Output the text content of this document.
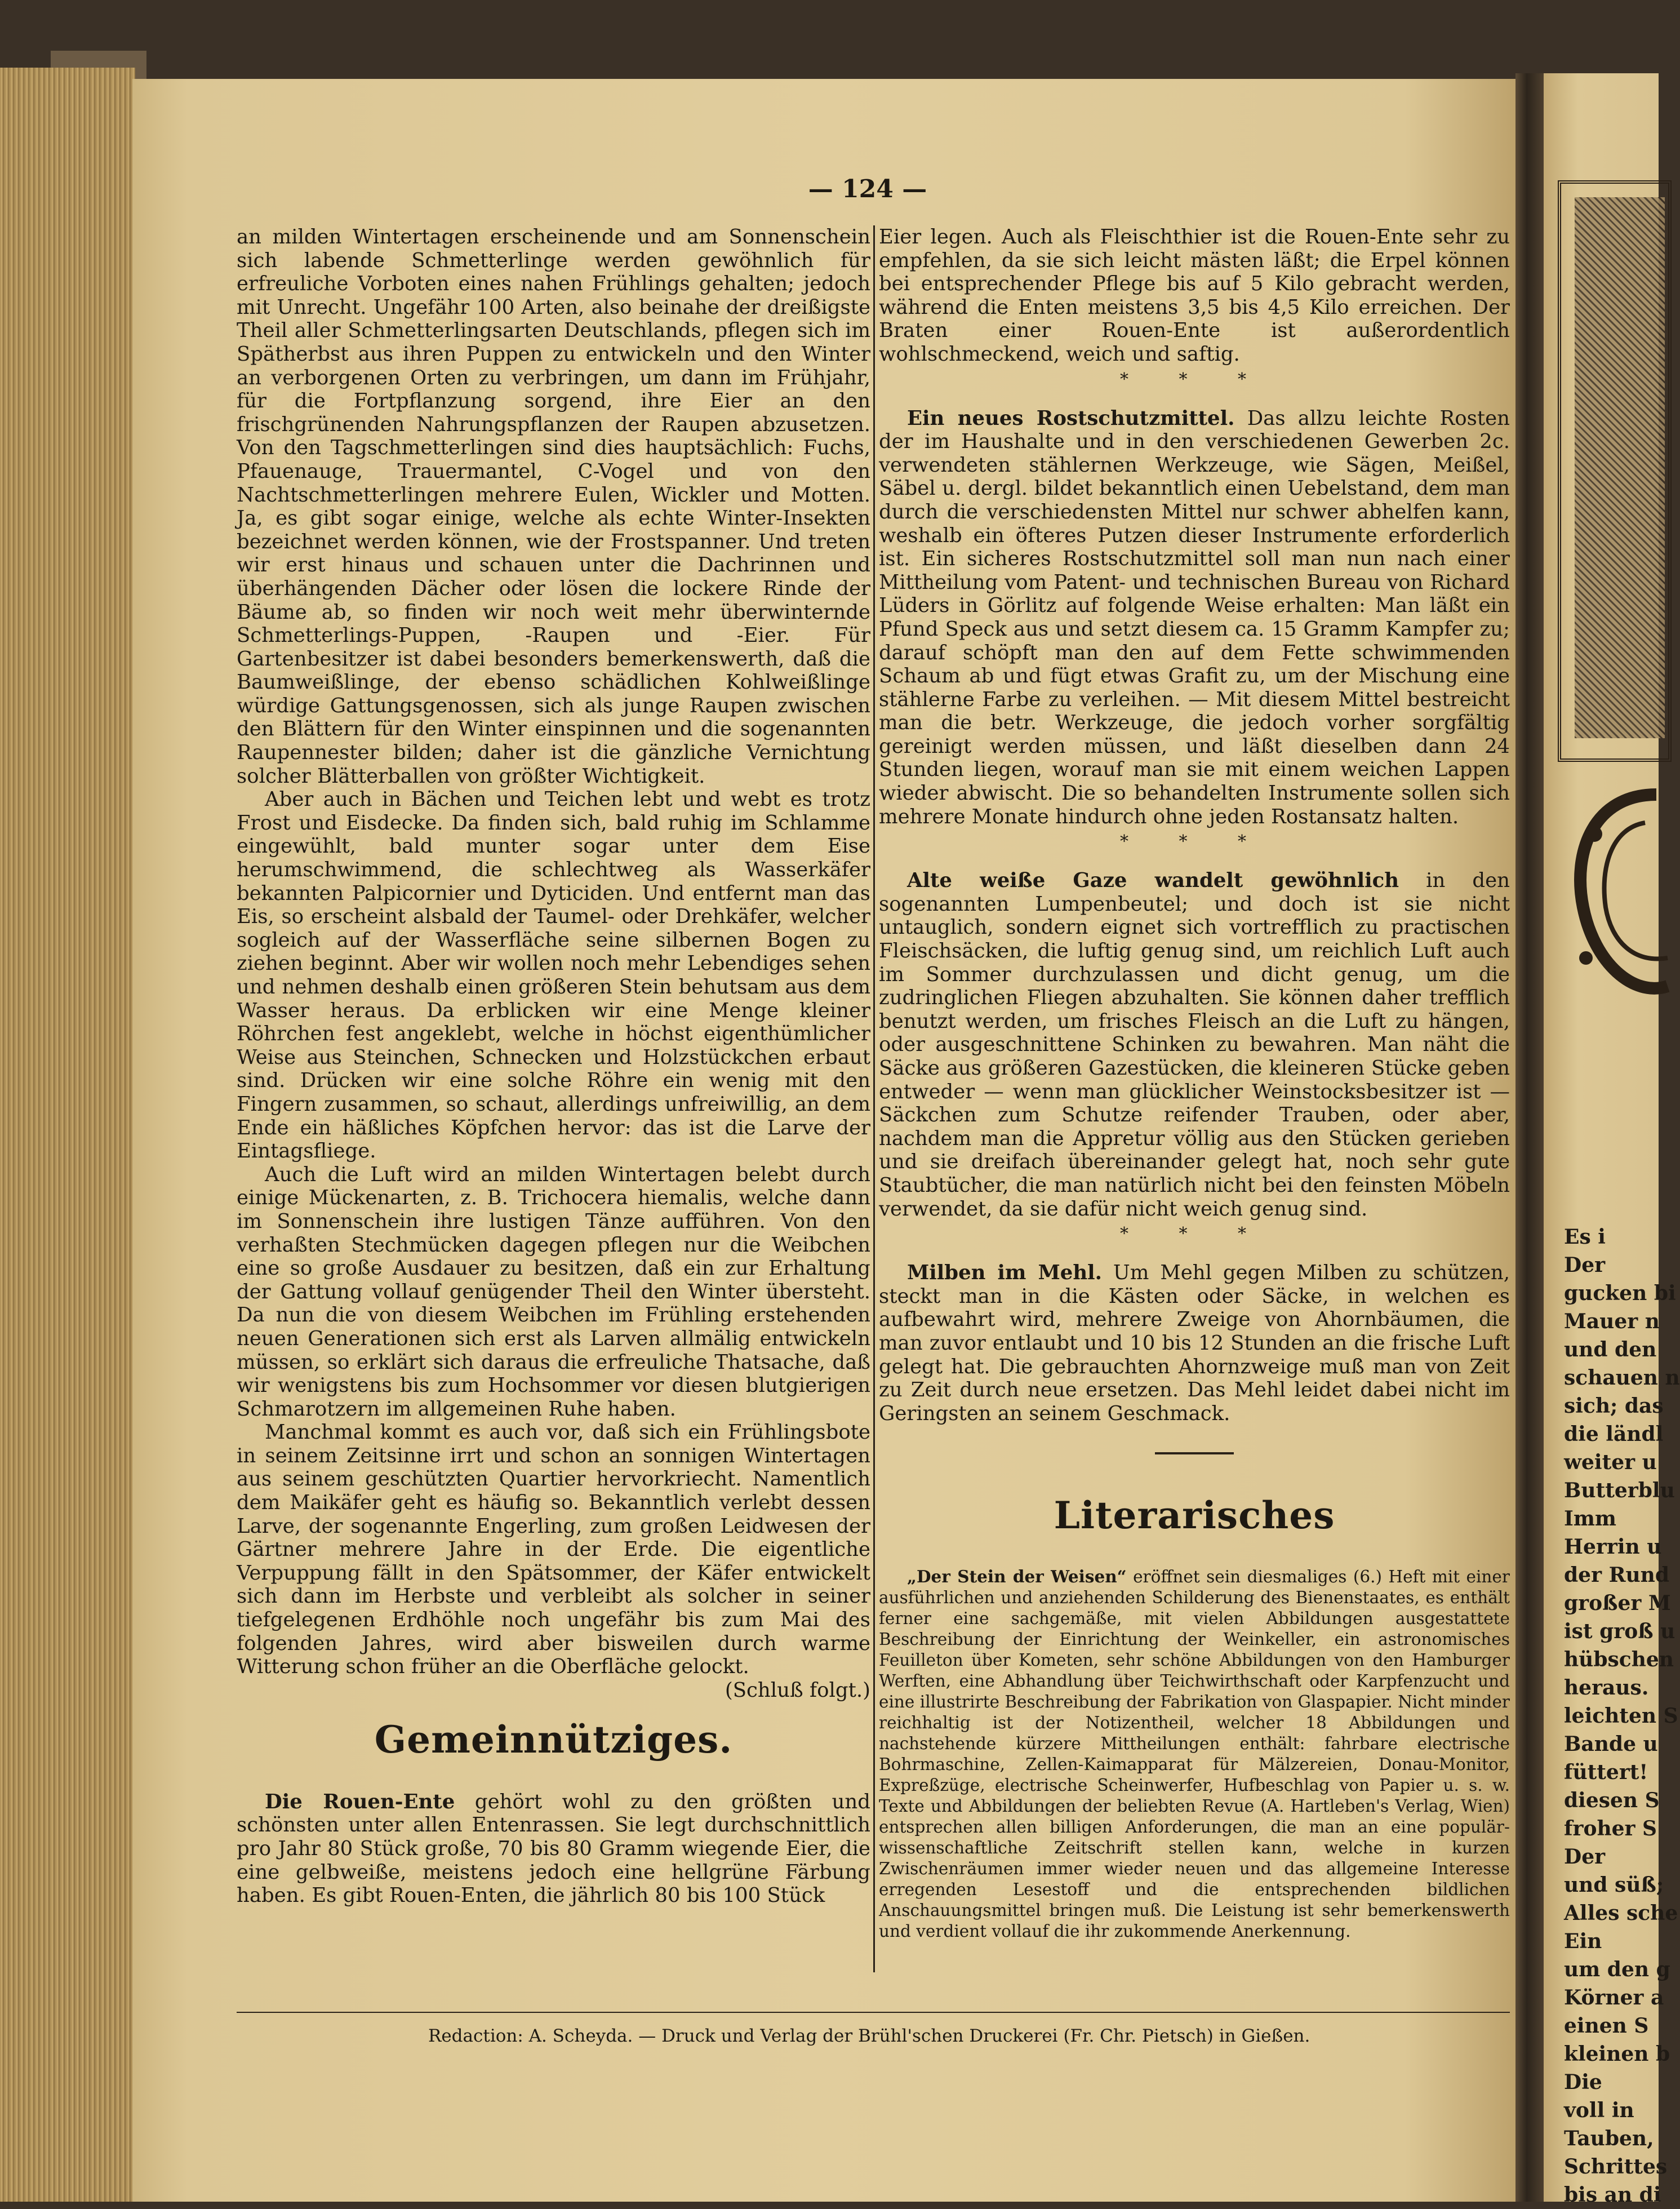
Es i
Der
gucken bi
Mauer n
und den
schauen n
sich; das
die ländl
weiter u
Butterblu
Imm
Herrin u
der Rund
großer M
ist groß u
hübschen
heraus.
leichten S
Bande u
füttert!
diesen S
froher S
Der
und süß;
Alles sche
Ein
um den g
Körner a
einen S
kleinen b
Die
voll in
Tauben,
Schrittes
bis an di
— 124 —

an milden Wintertagen erscheinende und am Sonnenschein sich labende Schmetterlinge werden gewöhnlich für erfreuliche Vorboten eines nahen Frühlings gehalten; jedoch mit Unrecht. Ungefähr 100 Arten, also beinahe der dreißigste Theil aller Schmetterlingsarten Deutschlands, pflegen sich im Spätherbst aus ihren Puppen zu entwickeln und den Winter an verborgenen Orten zu verbringen, um dann im Frühjahr, für die Fortpflanzung sorgend, ihre Eier an den frischgrünenden Nahrungspflanzen der Raupen abzusetzen. Von den Tagschmetterlingen sind dies hauptsächlich: Fuchs, Pfauenauge, Trauermantel, C-Vogel und von den Nachtschmetterlingen mehrere Eulen, Wickler und Motten. Ja, es gibt sogar einige, welche als echte Winter-Insekten bezeichnet werden können, wie der Frostspanner. Und treten wir erst hinaus und schauen unter die Dachrinnen und überhängenden Dächer oder lösen die lockere Rinde der Bäume ab, so finden wir noch weit mehr überwinternde Schmetterlings-Puppen, -Raupen und -Eier. Für Gartenbesitzer ist dabei besonders bemerkenswerth, daß die Baumweißlinge, der ebenso schädlichen Kohlweißlinge würdige Gattungsgenossen, sich als junge Raupen zwischen den Blättern für den Winter einspinnen und die sogenannten Raupennester bilden; daher ist die gänzliche Vernichtung solcher Blätterballen von größter Wichtigkeit.

Aber auch in Bächen und Teichen lebt und webt es trotz Frost und Eisdecke. Da finden sich, bald ruhig im Schlamme eingewühlt, bald munter sogar unter dem Eise herumschwimmend, die schlechtweg als Wasserkäfer bekannten Palpicornier und Dyticiden. Und entfernt man das Eis, so erscheint alsbald der Taumel- oder Drehkäfer, welcher sogleich auf der Wasserfläche seine silbernen Bogen zu ziehen beginnt. Aber wir wollen noch mehr Lebendiges sehen und nehmen deshalb einen größeren Stein behutsam aus dem Wasser heraus. Da erblicken wir eine Menge kleiner Röhrchen fest angeklebt, welche in höchst eigenthümlicher Weise aus Steinchen, Schnecken und Holzstückchen erbaut sind. Drücken wir eine solche Röhre ein wenig mit den Fingern zusammen, so schaut, allerdings unfreiwillig, an dem Ende ein häßliches Köpfchen hervor: das ist die Larve der Eintagsfliege.

Auch die Luft wird an milden Wintertagen belebt durch einige Mückenarten, z. B. Trichocera hiemalis, welche dann im Sonnenschein ihre lustigen Tänze aufführen. Von den verhaßten Stechmücken dagegen pflegen nur die Weibchen eine so große Ausdauer zu besitzen, daß ein zur Erhaltung der Gattung vollauf genügender Theil den Winter übersteht. Da nun die von diesem Weibchen im Frühling erstehenden neuen Generationen sich erst als Larven allmälig entwickeln müssen, so erklärt sich daraus die erfreuliche Thatsache, daß wir wenigstens bis zum Hochsommer vor diesen blutgierigen Schmarotzern im allgemeinen Ruhe haben.

Manchmal kommt es auch vor, daß sich ein Frühlingsbote in seinem Zeitsinne irrt und schon an sonnigen Wintertagen aus seinem geschützten Quartier hervorkriecht. Namentlich dem Maikäfer geht es häufig so. Bekanntlich verlebt dessen Larve, der sogenannte Engerling, zum großen Leidwesen der Gärtner mehrere Jahre in der Erde. Die eigentliche Verpuppung fällt in den Spätsommer, der Käfer entwickelt sich dann im Herbste und verbleibt als solcher in seiner tiefgelegenen Erdhöhle noch ungefähr bis zum Mai des folgenden Jahres, wird aber bisweilen durch warme Witterung schon früher an die Oberfläche gelockt.
(Schluß folgt.)

Gemeinnütziges.

Die Rouen-Ente gehört wohl zu den größten und schönsten unter allen Entenrassen. Sie legt durchschnittlich pro Jahr 80 Stück große, 70 bis 80 Gramm wiegende Eier, die eine gelbweiße, meistens jedoch eine hellgrüne Färbung haben. Es gibt Rouen-Enten, die jährlich 80 bis 100 Stück

Eier legen. Auch als Fleischthier ist die Rouen-Ente sehr zu empfehlen, da sie sich leicht mästen läßt; die Erpel können bei entsprechender Pflege bis auf 5 Kilo gebracht werden, während die Enten meistens 3,5 bis 4,5 Kilo erreichen. Der Braten einer Rouen-Ente ist außerordentlich wohlschmeckend, weich und saftig.

* * *

Ein neues Rostschutzmittel. Das allzu leichte Rosten der im Haushalte und in den verschiedenen Gewerben 2c. verwendeten stählernen Werkzeuge, wie Sägen, Meißel, Säbel u. dergl. bildet bekanntlich einen Uebelstand, dem man durch die verschiedensten Mittel nur schwer abhelfen kann, weshalb ein öfteres Putzen dieser Instrumente erforderlich ist. Ein sicheres Rostschutzmittel soll man nun nach einer Mittheilung vom Patent- und technischen Bureau von Richard Lüders in Görlitz auf folgende Weise erhalten: Man läßt ein Pfund Speck aus und setzt diesem ca. 15 Gramm Kampfer zu; darauf schöpft man den auf dem Fette schwimmenden Schaum ab und fügt etwas Grafit zu, um der Mischung eine stählerne Farbe zu verleihen. — Mit diesem Mittel bestreicht man die betr. Werkzeuge, die jedoch vorher sorgfältig gereinigt werden müssen, und läßt dieselben dann 24 Stunden liegen, worauf man sie mit einem weichen Lappen wieder abwischt. Die so behandelten Instrumente sollen sich mehrere Monate hindurch ohne jeden Rostansatz halten.

* * *

Alte weiße Gaze wandelt gewöhnlich in den sogenannten Lumpenbeutel; und doch ist sie nicht untauglich, sondern eignet sich vortrefflich zu practischen Fleischsäcken, die luftig genug sind, um reichlich Luft auch im Sommer durchzulassen und dicht genug, um die zudringlichen Fliegen abzuhalten. Sie können daher trefflich benutzt werden, um frisches Fleisch an die Luft zu hängen, oder ausgeschnittene Schinken zu bewahren. Man näht die Säcke aus größeren Gazestücken, die kleineren Stücke geben entweder — wenn man glücklicher Weinstocksbesitzer ist — Säckchen zum Schutze reifender Trauben, oder aber, nachdem man die Appretur völlig aus den Stücken gerieben und sie dreifach übereinander gelegt hat, noch sehr gute Staubtücher, die man natürlich nicht bei den feinsten Möbeln verwendet, da sie dafür nicht weich genug sind.

* * *

Milben im Mehl. Um Mehl gegen Milben zu schützen, steckt man in die Kästen oder Säcke, in welchen es aufbewahrt wird, mehrere Zweige von Ahornbäumen, die man zuvor entlaubt und 10 bis 12 Stunden an die frische Luft gelegt hat. Die gebrauchten Ahornzweige muß man von Zeit zu Zeit durch neue ersetzen. Das Mehl leidet dabei nicht im Geringsten an seinem Geschmack.

Literarisches

„Der Stein der Weisen“ eröffnet sein diesmaliges (6.) Heft mit einer ausführlichen und anziehenden Schilderung des Bienenstaates, es enthält ferner eine sachgemäße, mit vielen Abbildungen ausgestattete Beschreibung der Einrichtung der Weinkeller, ein astronomisches Feuilleton über Kometen, sehr schöne Abbildungen von den Hamburger Werften, eine Abhandlung über Teichwirthschaft oder Karpfenzucht und eine illustrirte Beschreibung der Fabrikation von Glaspapier. Nicht minder reichhaltig ist der Notizentheil, welcher 18 Abbildungen und nachstehende kürzere Mittheilungen enthält: fahrbare electrische Bohrmaschine, Zellen-Kaimapparat für Mälzereien, Donau-Monitor, Expreßzüge, electrische Scheinwerfer, Hufbeschlag von Papier u. s. w. Texte und Abbildungen der beliebten Revue (A. Hartleben's Verlag, Wien) entsprechen allen billigen Anforderungen, die man an eine populär-wissenschaftliche Zeitschrift stellen kann, welche in kurzen Zwischenräumen immer wieder neuen und das allgemeine Interesse erregenden Lesestoff und die entsprechenden bildlichen Anschauungsmittel bringen muß. Die Leistung ist sehr bemerkenswerth und verdient vollauf die ihr zukommende Anerkennung.

Redaction: A. Scheyda. — Druck und Verlag der Brühl'schen Druckerei (Fr. Chr. Pietsch) in Gießen.
